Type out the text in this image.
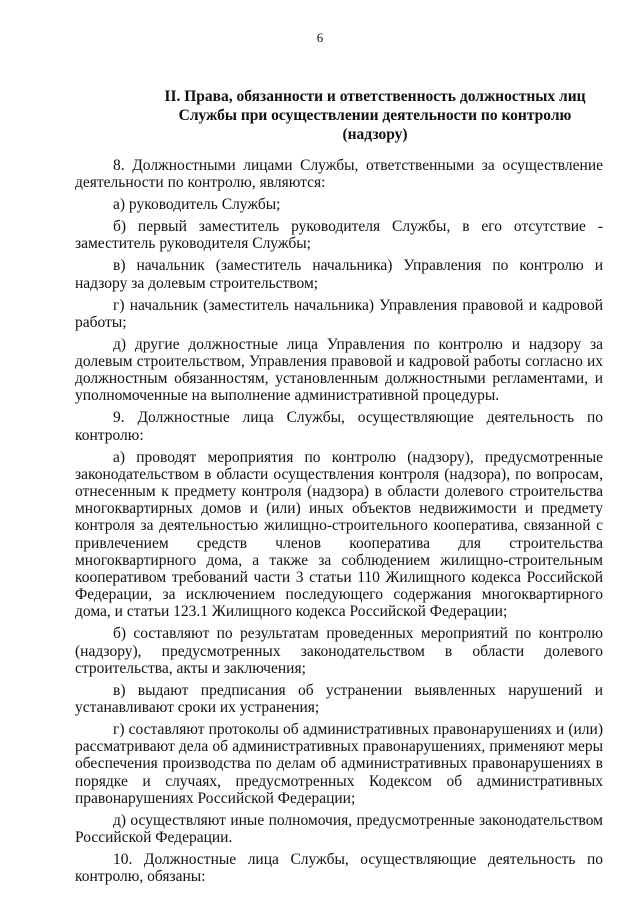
6
II. Права, обязанности и ответственность должностных лиц
Службы при осуществлении деятельности по контролю
(надзору)

8. Должностными лицами Службы, ответственными за осуществление деятельности по контролю, являются:

а) руководитель Службы;

б) первый заместитель руководителя Службы, в его отсутствие - заместитель руководителя Службы;

в) начальник (заместитель начальника) Управления по контролю и надзору за долевым строительством;

г) начальник (заместитель начальника) Управления правовой и кадровой работы;

д) другие должностные лица Управления по контролю и надзору за долевым строительством, Управления правовой и кадровой работы согласно их должностным обязанностям, установленным должностными регламентами, и уполномоченные на выполнение административной процедуры.

9. Должностные лица Службы, осуществляющие деятельность по контролю:

а) проводят мероприятия по контролю (надзору), предусмотренные законодательством в области осуществления контроля (надзора), по вопросам, отнесенным к предмету контроля (надзора) в области долевого строительства многоквартирных домов и (или) иных объектов недвижимости и предмету контроля за деятельностью жилищно-строительного кооператива, связанной с привлечением средств членов кооператива для строительства многоквартирного дома, а также за соблюдением жилищно-строительным кооперативом требований части 3 статьи 110 Жилищного кодекса Российской Федерации, за исключением последующего содержания многоквартирного дома, и статьи 123.1 Жилищного кодекса Российской Федерации;

б) составляют по результатам проведенных мероприятий по контролю (надзору), предусмотренных законодательством в области долевого строительства, акты и заключения;

в) выдают предписания об устранении выявленных нарушений и устанавливают сроки их устранения;

г) составляют протоколы об административных правонарушениях и (или) рассматривают дела об административных правонарушениях, применяют меры обеспечения производства по делам об административных правонарушениях в порядке и случаях, предусмотренных Кодексом об административных правонарушениях Российской Федерации;

д) осуществляют иные полномочия, предусмотренные законодательством Российской Федерации.

10. Должностные лица Службы, осуществляющие деятельность по контролю, обязаны:
